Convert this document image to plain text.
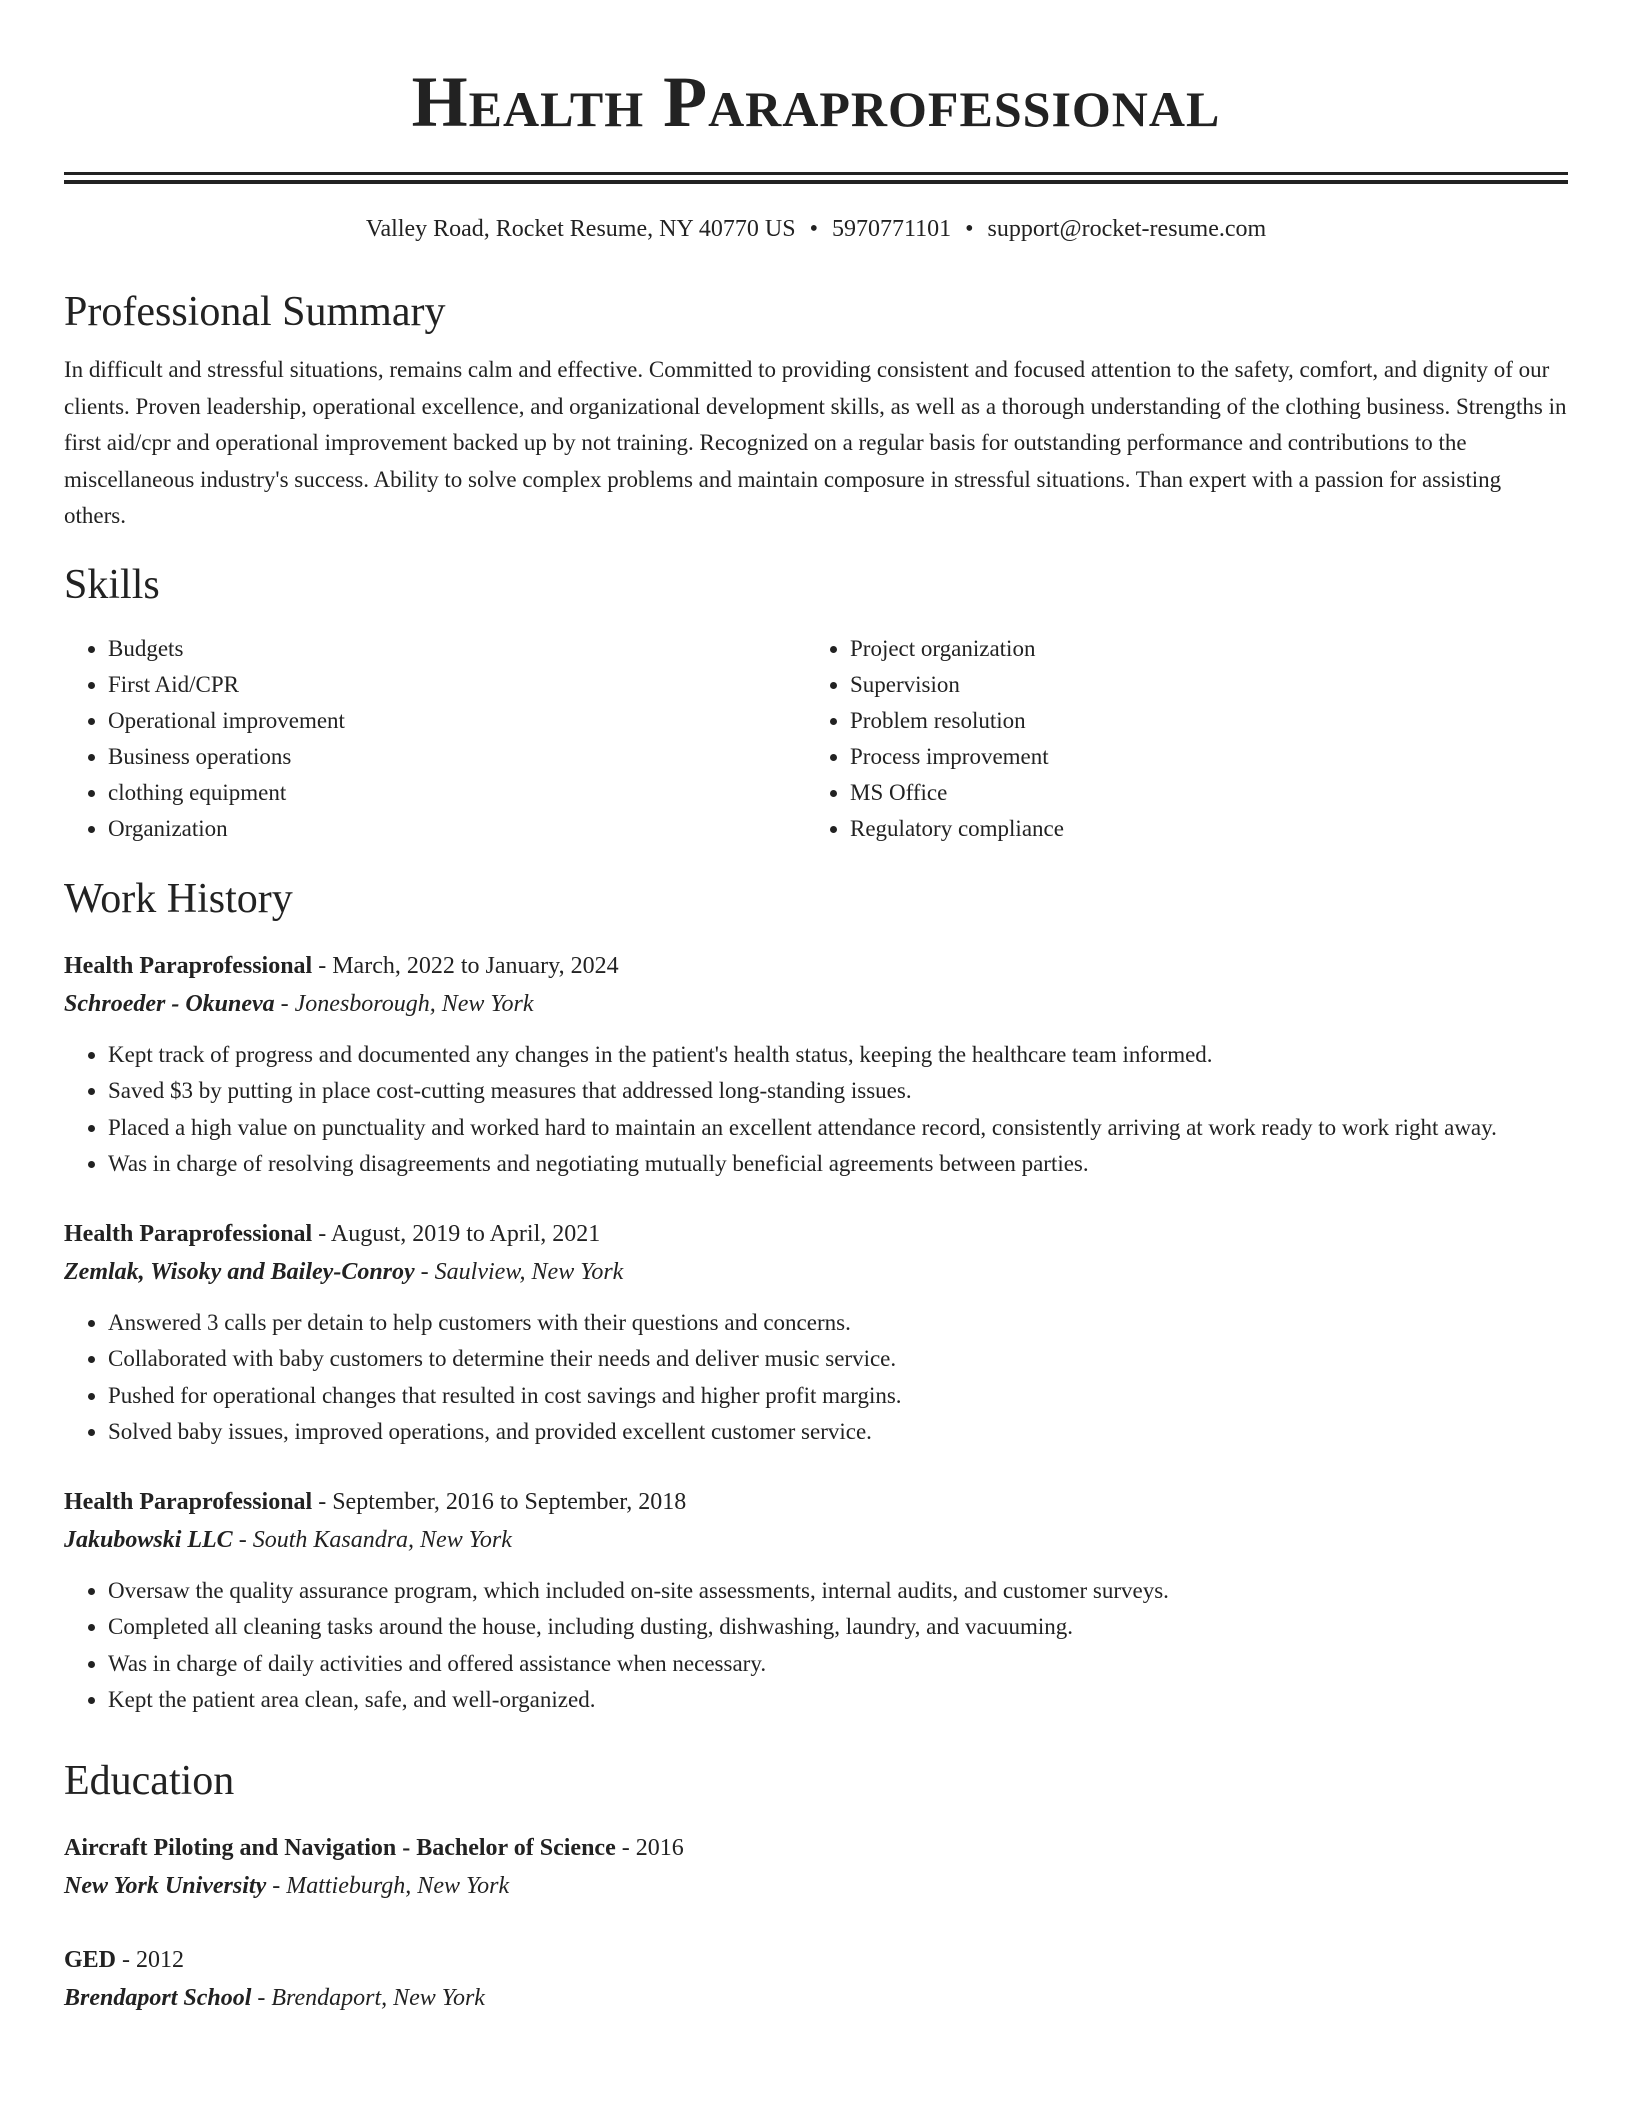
Health Paraprofessional
Valley Road, Rocket Resume, NY 40770 US • 5970771101 • support@rocket-resume.com
Professional Summary

In difficult and stressful situations, remains calm and effective. Committed to providing consistent and focused attention to the safety, comfort, and dignity of our clients. Proven leadership, operational excellence, and organizational development skills, as well as a thorough understanding of the clothing business. Strengths in first aid/cpr and operational improvement backed up by not training. Recognized on a regular basis for outstanding performance and contributions to the miscellaneous industry's success. Ability to solve complex problems and maintain composure in stressful situations. Than expert with a passion for assisting others.

Skills
• Budgets
• First Aid/CPR
• Operational improvement
• Business operations
• clothing equipment
• Organization
• Project organization
• Supervision
• Problem resolution
• Process improvement
• MS Office
• Regulatory compliance
Work History
Health Paraprofessional - March, 2022 to January, 2024
Schroeder - Okuneva - Jonesborough, New York
• Kept track of progress and documented any changes in the patient's health status, keeping the healthcare team informed.
• Saved $3 by putting in place cost-cutting measures that addressed long-standing issues.
• Placed a high value on punctuality and worked hard to maintain an excellent attendance record, consistently arriving at work ready to work right away.
• Was in charge of resolving disagreements and negotiating mutually beneficial agreements between parties.
Health Paraprofessional - August, 2019 to April, 2021
Zemlak, Wisoky and Bailey-Conroy - Saulview, New York
• Answered 3 calls per detain to help customers with their questions and concerns.
• Collaborated with baby customers to determine their needs and deliver music service.
• Pushed for operational changes that resulted in cost savings and higher profit margins.
• Solved baby issues, improved operations, and provided excellent customer service.
Health Paraprofessional - September, 2016 to September, 2018
Jakubowski LLC - South Kasandra, New York
• Oversaw the quality assurance program, which included on-site assessments, internal audits, and customer surveys.
• Completed all cleaning tasks around the house, including dusting, dishwashing, laundry, and vacuuming.
• Was in charge of daily activities and offered assistance when necessary.
• Kept the patient area clean, safe, and well-organized.
Education
Aircraft Piloting and Navigation - Bachelor of Science - 2016
New York University - Mattieburgh, New York
GED - 2012
Brendaport School - Brendaport, New York
